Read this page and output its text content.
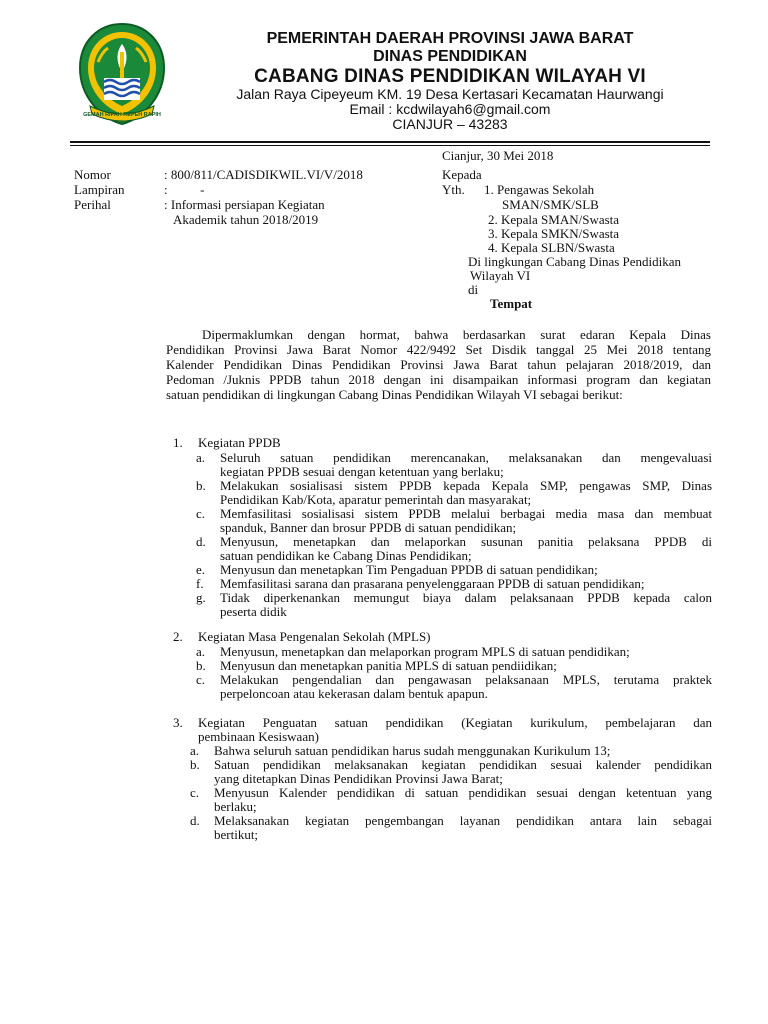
GEMAH RIPAH REPEH RAPIH
PEMERINTAH DAERAH PROVINSI JAWA BARAT
DINAS PENDIDIKAN
CABANG DINAS PENDIDIKAN WILAYAH VI
Jalan Raya Cipeyeum KM. 19 Desa Kertasari Kecamatan Haurwangi
Email : kcdwilayah6@gmail.com
CIANJUR – 43283
Cianjur, 30 Mei 2018
Nomor	: 800/811/CADISDIKWIL.VI/V/2018
Lampiran	:          -
Perihal	: Informasi persiapan Kegiatan
Akademik tahun 2018/2019
Kepada
Yth. 1. Pengawas Sekolah
SMAN/SMK/SLB
2. Kepala SMAN/Swasta
3. Kepala SMKN/Swasta
4. Kepala SLBN/Swasta
Di lingkungan Cabang Dinas Pendidikan
Wilayah VI
di
Tempat
Dipermaklumkan dengan hormat, bahwa berdasarkan surat edaran Kepala Dinas
Pendidikan Provinsi Jawa Barat Nomor 422/9492 Set Disdik tanggal 25 Mei 2018 tentang
Kalender Pendidikan Dinas Pendidikan Provinsi Jawa Barat tahun pelajaran 2018/2019, dan
Pedoman /Juknis PPDB tahun 2018 dengan ini disampaikan informasi program dan kegiatan
satuan pendidikan di lingkungan Cabang Dinas Pendidikan Wilayah VI sebagai berikut:
1. Kegiatan PPDB
a.	Seluruh satuan pendidikan merencanakan, melaksanakan dan mengevaluasi
kegiatan PPDB sesuai dengan ketentuan yang berlaku;
b.	Melakukan sosialisasi sistem PPDB kepada Kepala SMP, pengawas SMP, Dinas
Pendidikan Kab/Kota, aparatur pemerintah dan masyarakat;
c.	Memfasilitasi sosialisasi sistem PPDB melalui berbagai media masa dan membuat
spanduk, Banner dan brosur PPDB di satuan pendidikan;
d.	Menyusun, menetapkan dan melaporkan susunan panitia pelaksana PPDB di
satuan pendidikan ke Cabang Dinas Pendidikan;
e.	Menyusun dan menetapkan Tim Pengaduan PPDB di satuan pendidikan;
f.	Memfasilitasi sarana dan prasarana penyelenggaraan PPDB di satuan pendidikan;
g.	Tidak diperkenankan memungut biaya dalam pelaksanaan PPDB kepada calon
peserta didik
2. Kegiatan Masa Pengenalan Sekolah (MPLS)
a.	Menyusun, menetapkan dan melaporkan program MPLS di satuan pendidikan;
b.	Menyusun dan menetapkan panitia MPLS di satuan pendiidikan;
c.	Melakukan pengendalian dan pengawasan pelaksanaan MPLS, terutama praktek
perpeloncoan atau kekerasan dalam bentuk apapun.
3. Kegiatan Penguatan satuan pendidikan (Kegiatan kurikulum, pembelajaran dan
pembinaan Kesiswaan)
a.	Bahwa seluruh satuan pendidikan harus sudah menggunakan Kurikulum 13;
b.	Satuan pendidikan melaksanakan kegiatan pendidikan sesuai kalender pendidikan
yang ditetapkan Dinas Pendidikan Provinsi Jawa Barat;
c.	Menyusun Kalender pendidikan di satuan pendidikan sesuai dengan ketentuan yang
berlaku;
d.	Melaksanakan kegiatan pengembangan layanan pendidikan antara lain sebagai
bertikut;
